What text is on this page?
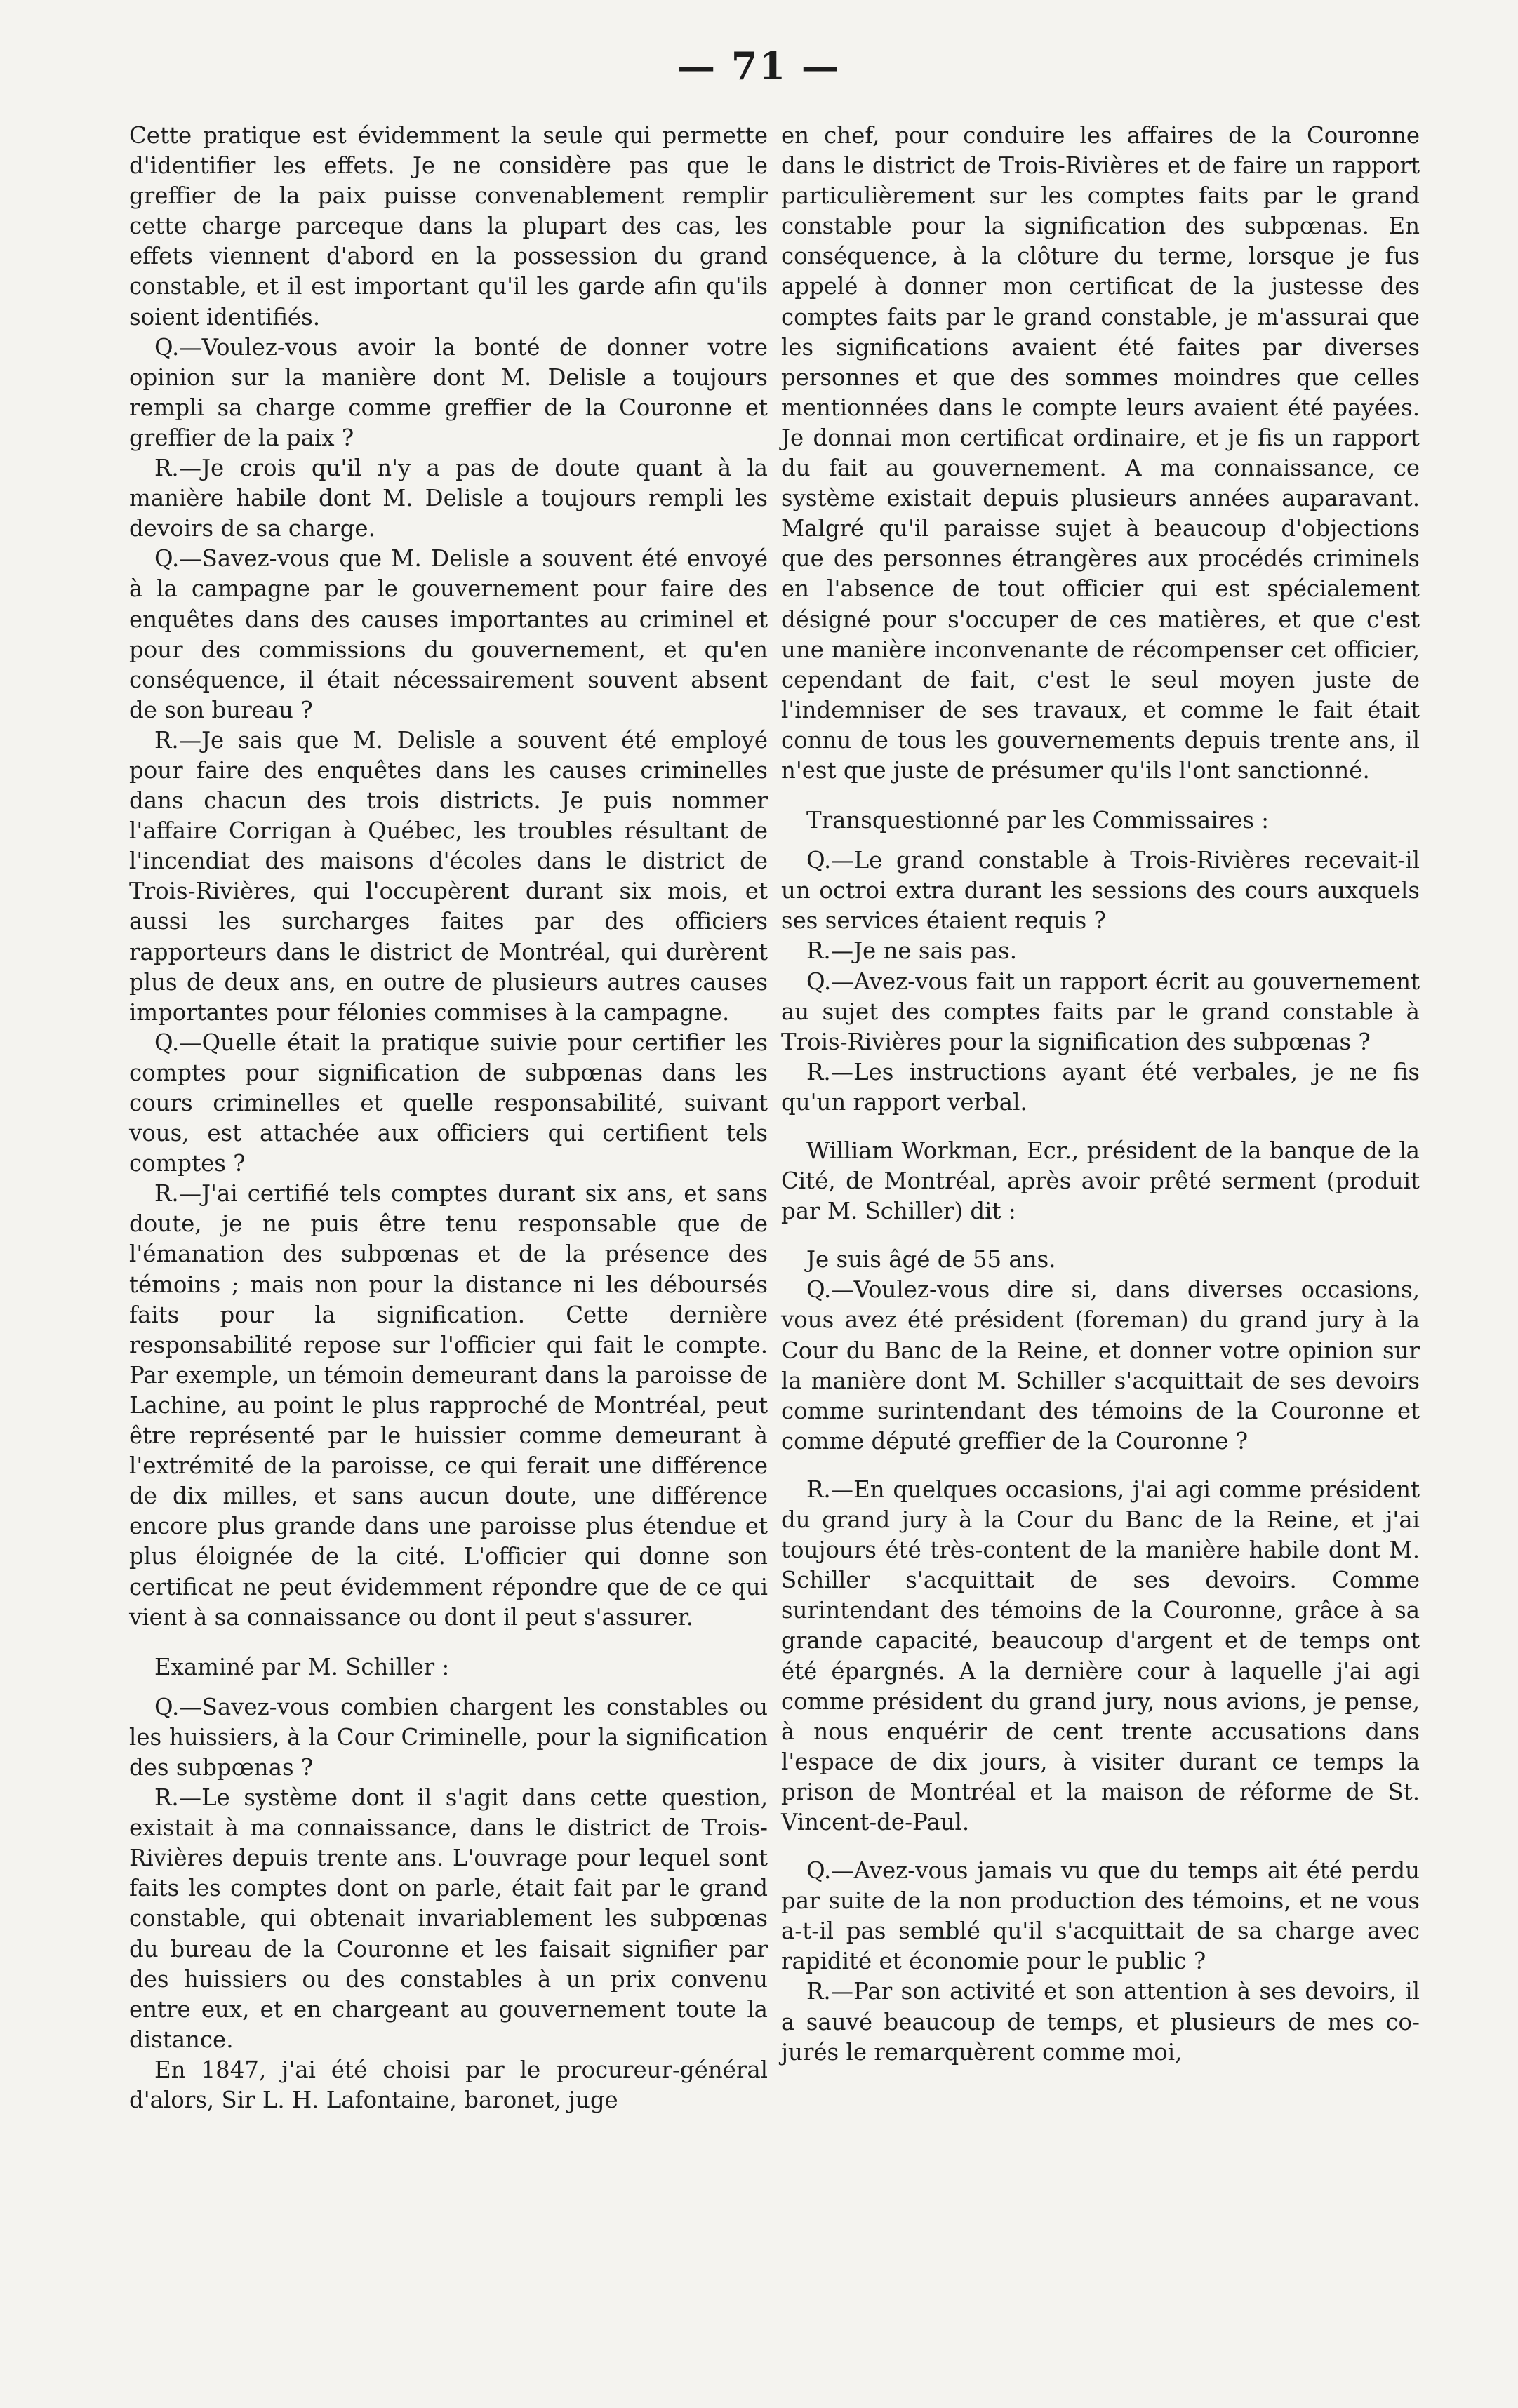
— 71 —

Cette pratique est évidemment la seule qui permette d'identifier les effets. Je ne considère pas que le greffier de la paix puisse convenablement remplir cette charge parceque dans la plupart des cas, les effets viennent d'abord en la possession du grand constable, et il est important qu'il les garde afin qu'ils soient identifiés.

Q.—Voulez-vous avoir la bonté de donner votre opinion sur la manière dont M. Delisle a toujours rempli sa charge comme greffier de la Couronne et greffier de la paix ?

R.—Je crois qu'il n'y a pas de doute quant à la manière habile dont M. Delisle a toujours rempli les devoirs de sa charge.

Q.—Savez-vous que M. Delisle a souvent été envoyé à la campagne par le gouvernement pour faire des enquêtes dans des causes importantes au criminel et pour des commissions du gouvernement, et qu'en conséquence, il était nécessairement souvent absent de son bureau ?

R.—Je sais que M. Delisle a souvent été employé pour faire des enquêtes dans les causes criminelles dans chacun des trois districts. Je puis nommer l'affaire Corrigan à Québec, les troubles résultant de l'incendiat des maisons d'écoles dans le district de Trois-Rivières, qui l'occupèrent durant six mois, et aussi les surcharges faites par des officiers rapporteurs dans le district de Montréal, qui durèrent plus de deux ans, en outre de plusieurs autres causes importantes pour félonies commises à la campagne.

Q.—Quelle était la pratique suivie pour certifier les comptes pour signification de subpœnas dans les cours criminelles et quelle responsabilité, suivant vous, est attachée aux officiers qui certifient tels comptes ?

R.—J'ai certifié tels comptes durant six ans, et sans doute, je ne puis être tenu responsable que de l'émanation des subpœnas et de la présence des témoins ; mais non pour la distance ni les déboursés faits pour la signification. Cette dernière responsabilité repose sur l'officier qui fait le compte. Par exemple, un témoin demeurant dans la paroisse de Lachine, au point le plus rapproché de Montréal, peut être représenté par le huissier comme demeurant à l'extrémité de la paroisse, ce qui ferait une différence de dix milles, et sans aucun doute, une différence encore plus grande dans une paroisse plus étendue et plus éloignée de la cité. L'officier qui donne son certificat ne peut évidemment répondre que de ce qui vient à sa connaissance ou dont il peut s'assurer.

Examiné par M. Schiller :

Q.—Savez-vous combien chargent les constables ou les huissiers, à la Cour Criminelle, pour la signification des subpœnas ?

R.—Le système dont il s'agit dans cette question, existait à ma connaissance, dans le district de Trois-Rivières depuis trente ans. L'ouvrage pour lequel sont faits les comptes dont on parle, était fait par le grand constable, qui obtenait invariablement les subpœnas du bureau de la Couronne et les faisait signifier par des huissiers ou des constables à un prix convenu entre eux, et en chargeant au gouvernement toute la distance.

En 1847, j'ai été choisi par le procureur-général d'alors, Sir L. H. Lafontaine, baronet, juge

en chef, pour conduire les affaires de la Couronne dans le district de Trois-Rivières et de faire un rapport particulièrement sur les comptes faits par le grand constable pour la signification des subpœnas. En conséquence, à la clôture du terme, lorsque je fus appelé à donner mon certificat de la justesse des comptes faits par le grand constable, je m'assurai que les significations avaient été faites par diverses personnes et que des sommes moindres que celles mentionnées dans le compte leurs avaient été payées. Je donnai mon certificat ordinaire, et je fis un rapport du fait au gouvernement. A ma connaissance, ce système existait depuis plusieurs années auparavant. Malgré qu'il paraisse sujet à beaucoup d'objections que des personnes étrangères aux procédés criminels en l'absence de tout officier qui est spécialement désigné pour s'occuper de ces matières, et que c'est une manière inconvenante de récompenser cet officier, cependant de fait, c'est le seul moyen juste de l'indemniser de ses travaux, et comme le fait était connu de tous les gouvernements depuis trente ans, il n'est que juste de présumer qu'ils l'ont sanctionné.

Transquestionné par les Commissaires :

Q.—Le grand constable à Trois-Rivières recevait-il un octroi extra durant les sessions des cours auxquels ses services étaient requis ?

R.—Je ne sais pas.

Q.—Avez-vous fait un rapport écrit au gouvernement au sujet des comptes faits par le grand constable à Trois-Rivières pour la signification des subpœnas ?

R.—Les instructions ayant été verbales, je ne fis qu'un rapport verbal.

William Workman, Ecr., président de la banque de la Cité, de Montréal, après avoir prêté serment (produit par M. Schiller) dit :

Je suis âgé de 55 ans.

Q.—Voulez-vous dire si, dans diverses occasions, vous avez été président (foreman) du grand jury à la Cour du Banc de la Reine, et donner votre opinion sur la manière dont M. Schiller s'acquittait de ses devoirs comme surintendant des témoins de la Couronne et comme député greffier de la Couronne ?

R.—En quelques occasions, j'ai agi comme président du grand jury à la Cour du Banc de la Reine, et j'ai toujours été très-content de la manière habile dont M. Schiller s'acquittait de ses devoirs. Comme surintendant des témoins de la Couronne, grâce à sa grande capacité, beaucoup d'argent et de temps ont été épargnés. A la dernière cour à laquelle j'ai agi comme président du grand jury, nous avions, je pense, à nous enquérir de cent trente accusations dans l'espace de dix jours, à visiter durant ce temps la prison de Montréal et la maison de réforme de St. Vincent-de-Paul.

Q.—Avez-vous jamais vu que du temps ait été perdu par suite de la non production des témoins, et ne vous a-t-il pas semblé qu'il s'acquittait de sa charge avec rapidité et économie pour le public ?

R.—Par son activité et son attention à ses devoirs, il a sauvé beaucoup de temps, et plusieurs de mes co-jurés le remarquèrent comme moi,
